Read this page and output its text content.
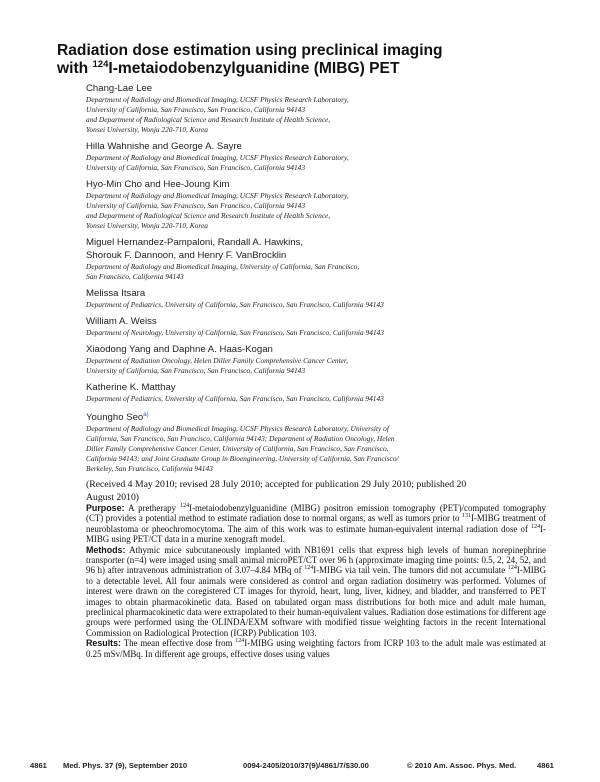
Radiation dose estimation using preclinical imaging
with $^{124}$I-metaiodobenzylguanidine (MIBG) PET
Chang-Lae Lee
Department of Radiology and Biomedical Imaging, UCSF Physics Research Laboratory,
University of California, San Francisco, San Francisco, California 94143
and Department of Radiological Science and Research Institute of Health Science,
Yonsei University, Wonju 220-710, Korea
Hilla Wahnishe and George A. Sayre
Department of Radiology and Biomedical Imaging, UCSF Physics Research Laboratory,
University of California, San Francisco, San Francisco, California 94143
Hyo-Min Cho and Hee-Joung Kim
Department of Radiology and Biomedical Imaging, UCSF Physics Research Laboratory,
University of California, San Francisco, San Francisco, California 94143
and Department of Radiological Science and Research Institute of Health Science,
Yonsei University, Wonju 220-710, Korea
Miguel Hernandez-Pampaloni, Randall A. Hawkins,
Shorouk F. Dannoon, and Henry F. VanBrocklin
Department of Radiology and Biomedical Imaging, University of California, San Francisco,
San Francisco, California 94143
Melissa Itsara
Department of Pediatrics, University of California, San Francisco, San Francisco, California 94143
William A. Weiss
Department of Neurology, University of California, San Francisco, San Francisco, California 94143
Xiaodong Yang and Daphne A. Haas-Kogan
Department of Radiation Oncology, Helen Diller Family Comprehensive Cancer Center,
University of California, San Francisco, San Francisco, California 94143
Katherine K. Matthay
Department of Pediatrics, University of California, San Francisco, San Francisco, California 94143
Youngho Seo$^{a)}$
Department of Radiology and Biomedical Imaging, UCSF Physics Research Laboratory, University of
California, San Francisco, San Francisco, California 94143; Department of Radiation Oncology, Helen
Diller Family Comprehensive Cancer Center, University of California, San Francisco, San Francisco,
California 94143; and Joint Graduate Group in Bioengineering, University of California, San Francisco/
Berkeley, San Francisco, California 94143
(Received 4 May 2010; revised 28 July 2010; accepted for publication 29 July 2010; published 20 August 2010)

Purpose: A pretherapy $^{124}$I-metaiodobenzylguanidine (MIBG) positron emission tomography (PET)/computed tomography (CT) provides a potential method to estimate radiation dose to normal organs, as well as tumors prior to $^{131}$I-MIBG treatment of neuroblastoma or pheochromocytoma. The aim of this work was to estimate human-equivalent internal radiation dose of $^{124}$I-MIBG using PET/CT data in a murine xenograft model.

Methods: Athymic mice subcutaneously implanted with NB1691 cells that express high levels of human norepinephrine transporter (n=4) were imaged using small animal microPET/CT over 96 h (approximate imaging time points: 0.5, 2, 24, 52, and 96 h) after intravenous administration of 3.07–4.84 MBq of $^{124}$I-MIBG via tail vein. The tumors did not accumulate $^{124}$I-MIBG to a detectable level. All four animals were considered as control and organ radiation dosimetry was performed. Volumes of interest were drawn on the coregistered CT images for thyroid, heart, lung, liver, kidney, and bladder, and transferred to PET images to obtain pharmacokinetic data. Based on tabulated organ mass distributions for both mice and adult male human, preclinical pharmacokinetic data were extrapolated to their human-equivalent values. Radiation dose estimations for different age groups were performed using the OLINDA/EXM software with modified tissue weighting factors in the recent International Commission on Radiological Protection (ICRP) Publication 103.

Results: The mean effective dose from $^{124}$I-MIBG using weighting factors from ICRP 103 to the adult male was estimated at 0.25 mSv/MBq. In different age groups, effective doses using values

4861 Med. Phys. 37 (9), September 2010	0094-2405/2010/37(9)/4861/7/$30.00	© 2010 Am. Assoc. Phys. Med.	4861
